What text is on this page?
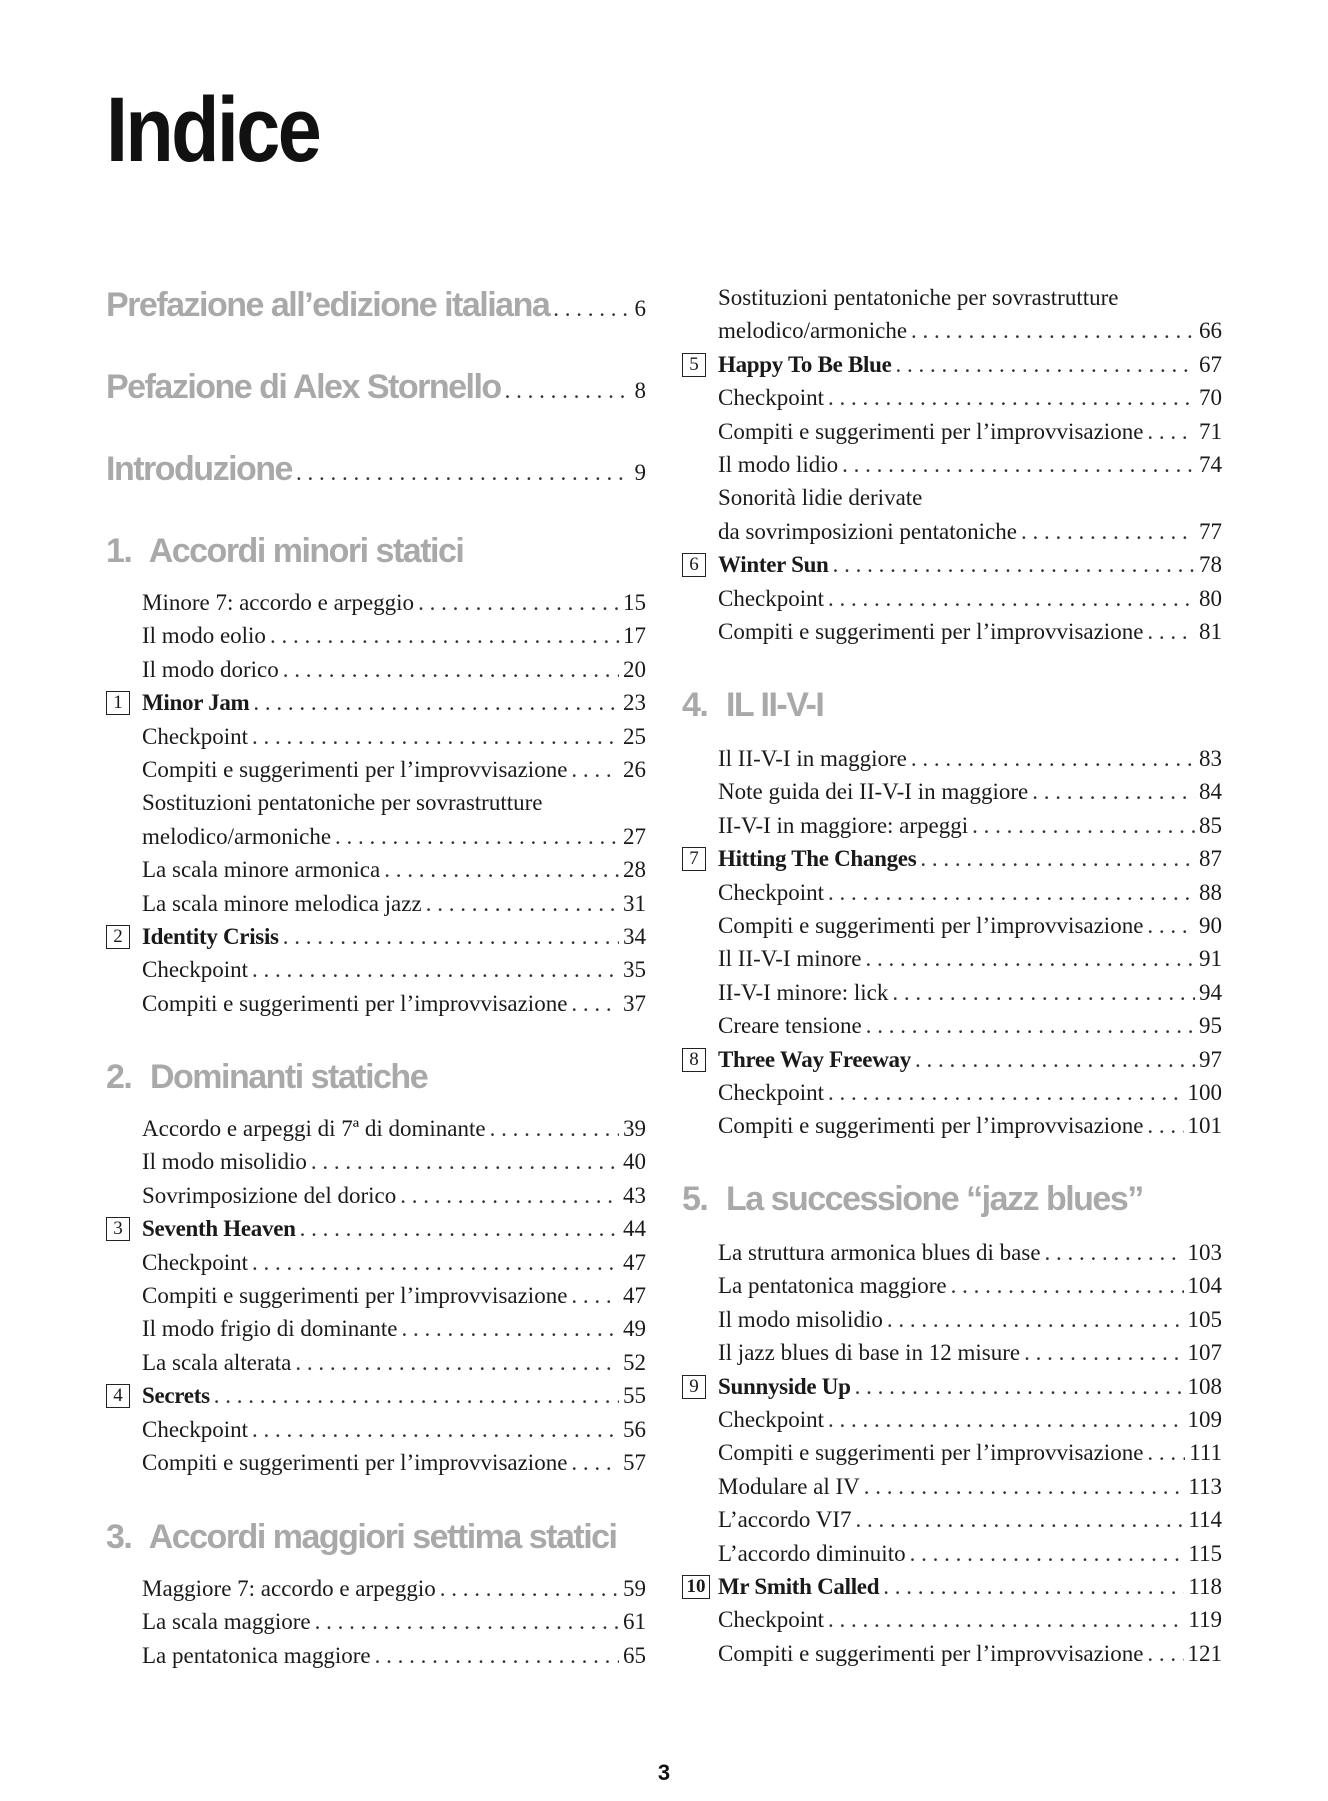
Indice
Prefazione all’edizione italiana . . .	6
Pefazione di Alex Stornello . . .	8
Introduzione . . .	9
1. Accordi minori statici
Minore 7: accordo e arpeggio . . .	15
Il modo eolio . . .	17
Il modo dorico . . .	20
1 Minor Jam . . .	23
Checkpoint . . .	25
Compiti e suggerimenti per l’improvvisazione . . . 26
Sostituzioni pentatoniche per sovrastrutture
melodico/armoniche . . .	27
La scala minore armonica . . .	28
La scala minore melodica jazz . . .	31
2 Identity Crisis . . .	34
Checkpoint . . .	35
Compiti e suggerimenti per l’improvvisazione . . . 37
2. Dominanti statiche
Accordo e arpeggi di 7ª di dominante . . .	39
Il modo misolidio . . .	40
Sovrimposizione del dorico . . .	43
3 Seventh Heaven . . .	44
Checkpoint . . .	47
Compiti e suggerimenti per l’improvvisazione . . . 47
Il modo frigio di dominante . . .	49
La scala alterata . . .	52
4 Secrets . . .	55
Checkpoint . . .	56
Compiti e suggerimenti per l’improvvisazione . . . 57
3. Accordi maggiori settima statici
Maggiore 7: accordo e arpeggio . . .	59
La scala maggiore . . .	61
La pentatonica maggiore . . .	65
Sostituzioni pentatoniche per sovrastrutture
melodico/armoniche . . .	66
5 Happy To Be Blue . . .	67
Checkpoint . . .	70
Compiti e suggerimenti per l’improvvisazione . . . 71
Il modo lidio . . .	74
Sonorità lidie derivate
da sovrimposizioni pentatoniche . . .	77
6 Winter Sun . . .	78
Checkpoint . . .	80
Compiti e suggerimenti per l’improvvisazione . . . 81
4. IL II-V-I
Il II-V-I in maggiore . . .	83
Note guida dei II-V-I in maggiore . . .	84
II-V-I in maggiore: arpeggi . . .	85
7 Hitting The Changes . . .	87
Checkpoint . . .	88
Compiti e suggerimenti per l’improvvisazione . . . 90
Il II-V-I minore . . .	91
II-V-I minore: lick . . .	94
Creare tensione . . .	95
8 Three Way Freeway . . .	97
Checkpoint . . .	100
Compiti e suggerimenti per l’improvvisazione . . . 101
5. La successione “jazz blues”
La struttura armonica blues di base . . .	103
La pentatonica maggiore . . .	104
Il modo misolidio . . .	105
Il jazz blues di base in 12 misure . . .	107
9 Sunnyside Up . . .	108
Checkpoint . . .	109
Compiti e suggerimenti per l’improvvisazione . . . 111
Modulare al IV . . .	113
L’accordo VI7 . . .	114
L’accordo diminuito . . .	115
10 Mr Smith Called . . .	118
Checkpoint . . .	119
Compiti e suggerimenti per l’improvvisazione . . . 121
3
